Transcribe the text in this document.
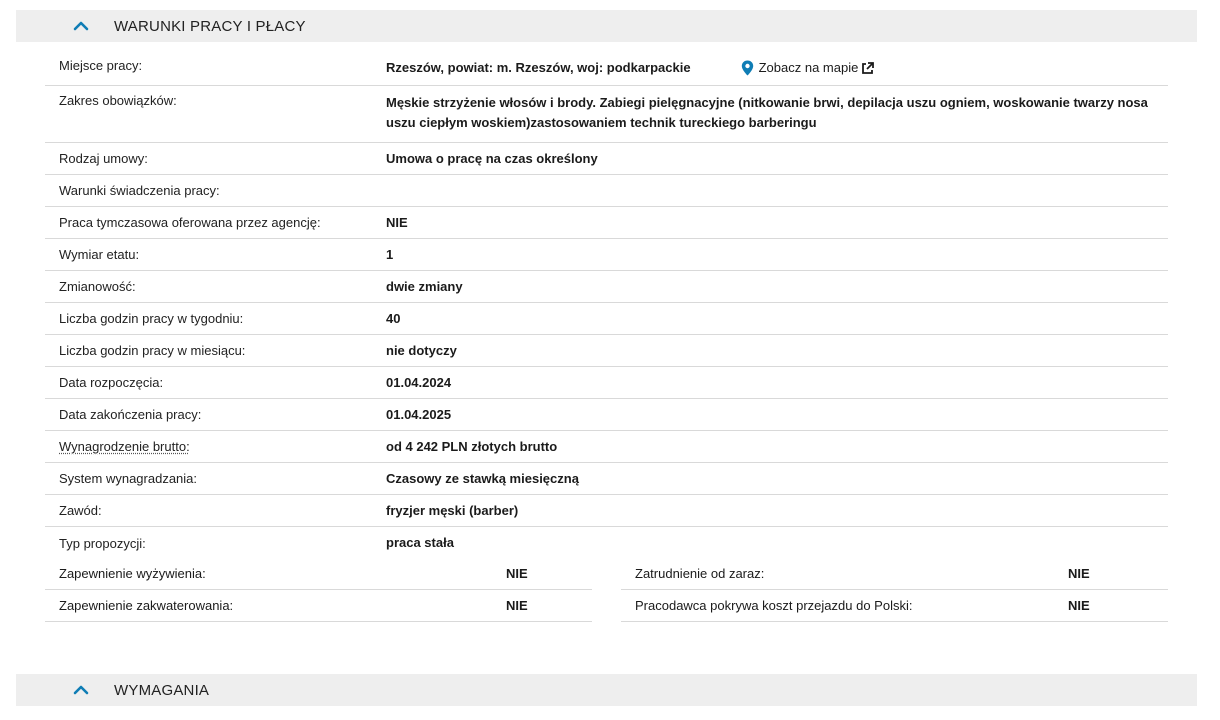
WARUNKI PRACY I PŁACY
Miejsce pracy:	Rzeszów, powiat: m. Rzeszów, woj: podkarpackie	Zobacz na mapie
Zakres obowiązków:	Męskie strzyżenie włosów i brody. Zabiegi pielęgnacyjne (nitkowanie brwi, depilacja uszu ogniem, woskowanie twarzy nosa uszu ciepłym woskiem)zastosowaniem technik tureckiego barberingu
Rodzaj umowy:	Umowa o pracę na czas określony
Warunki świadczenia pracy:
Praca tymczasowa oferowana przez agencję:	NIE
Wymiar etatu:	1
Zmianowość:	dwie zmiany
Liczba godzin pracy w tygodniu:	40
Liczba godzin pracy w miesiącu:	nie dotyczy
Data rozpoczęcia:	01.04.2024
Data zakończenia pracy:	01.04.2025
Wynagrodzenie brutto:	od 4 242 PLN złotych brutto
System wynagradzania:	Czasowy ze stawką miesięczną
Zawód:	fryzjer męski (barber)
Typ propozycji:	praca stała
Zapewnienie wyżywienia:	NIE	Zatrudnienie od zaraz:	NIE
Zapewnienie zakwaterowania:	NIE	Pracodawca pokrywa koszt przejazdu do Polski:	NIE
WYMAGANIA
